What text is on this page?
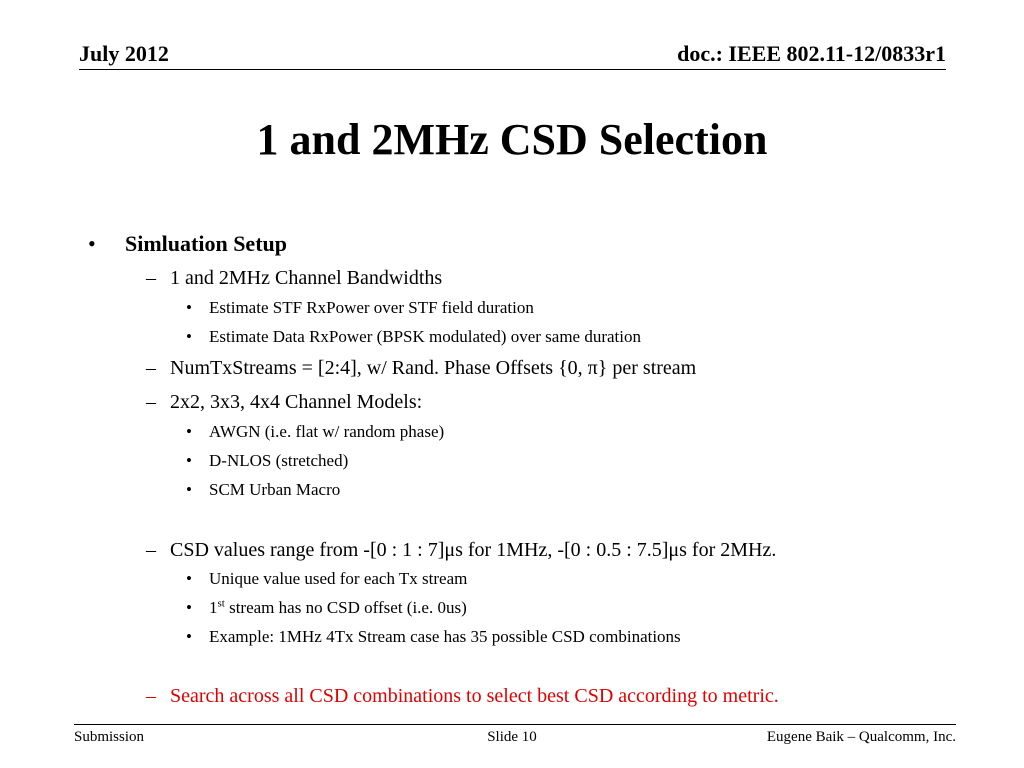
July 2012	doc.: IEEE 802.11-12/0833r1
1 and 2MHz CSD Selection
• Simluation Setup
– 1 and 2MHz Channel Bandwidths
• Estimate STF RxPower over STF field duration
• Estimate Data RxPower (BPSK modulated) over same duration
– NumTxStreams = [2:4], w/ Rand. Phase Offsets {0, π} per stream
– 2x2, 3x3, 4x4 Channel Models:
• AWGN (i.e. flat w/ random phase)
• D-NLOS (stretched)
• SCM Urban Macro
– CSD values range from -[0 : 1 : 7]μs for 1MHz, -[0 : 0.5 : 7.5]μs for 2MHz.
• Unique value used for each Tx stream
• 1st stream has no CSD offset (i.e. 0us)
• Example: 1MHz 4Tx Stream case has 35 possible CSD combinations
– Search across all CSD combinations to select best CSD according to metric.
Submission	Slide 10	Eugene Baik – Qualcomm, Inc.
